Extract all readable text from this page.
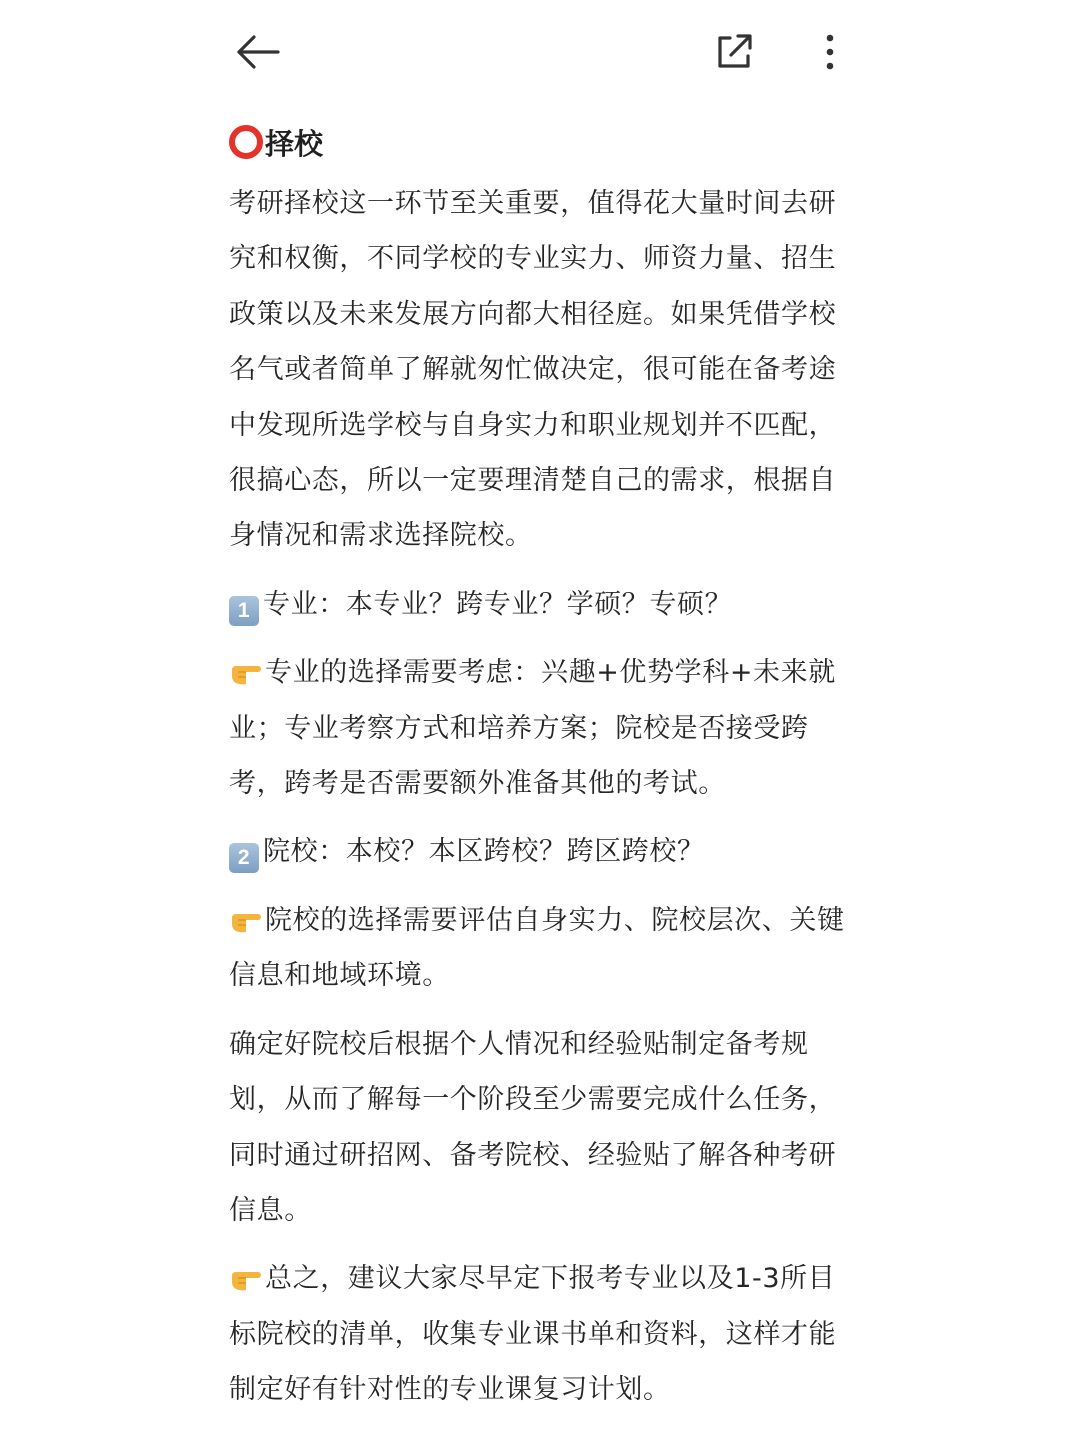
择校

考研择校这一环节至关重要，值得花大量时间去研究和权衡，不同学校的专业实力、师资力量、招生政策以及未来发展方向都大相径庭。如果凭借学校名气或者简单了解就匆忙做决定，很可能在备考途中发现所选学校与自身实力和职业规划并不匹配，很搞心态，所以一定要理清楚自己的需求，根据自身情况和需求选择院校。

1 专业：本专业？跨专业？学硕？专硕？

专业的选择需要考虑：兴趣+优势学科+未来就业；专业考察方式和培养方案；院校是否接受跨考，跨考是否需要额外准备其他的考试。

2 院校：本校？本区跨校？跨区跨校？

院校的选择需要评估自身实力、院校层次、关键信息和地域环境。

确定好院校后根据个人情况和经验贴制定备考规划，从而了解每一个阶段至少需要完成什么任务，同时通过研招网、备考院校、经验贴了解各种考研信息。

总之，建议大家尽早定下报考专业以及1-3所目标院校的清单，收集专业课书单和资料，这样才能制定好有针对性的专业课复习计划。
